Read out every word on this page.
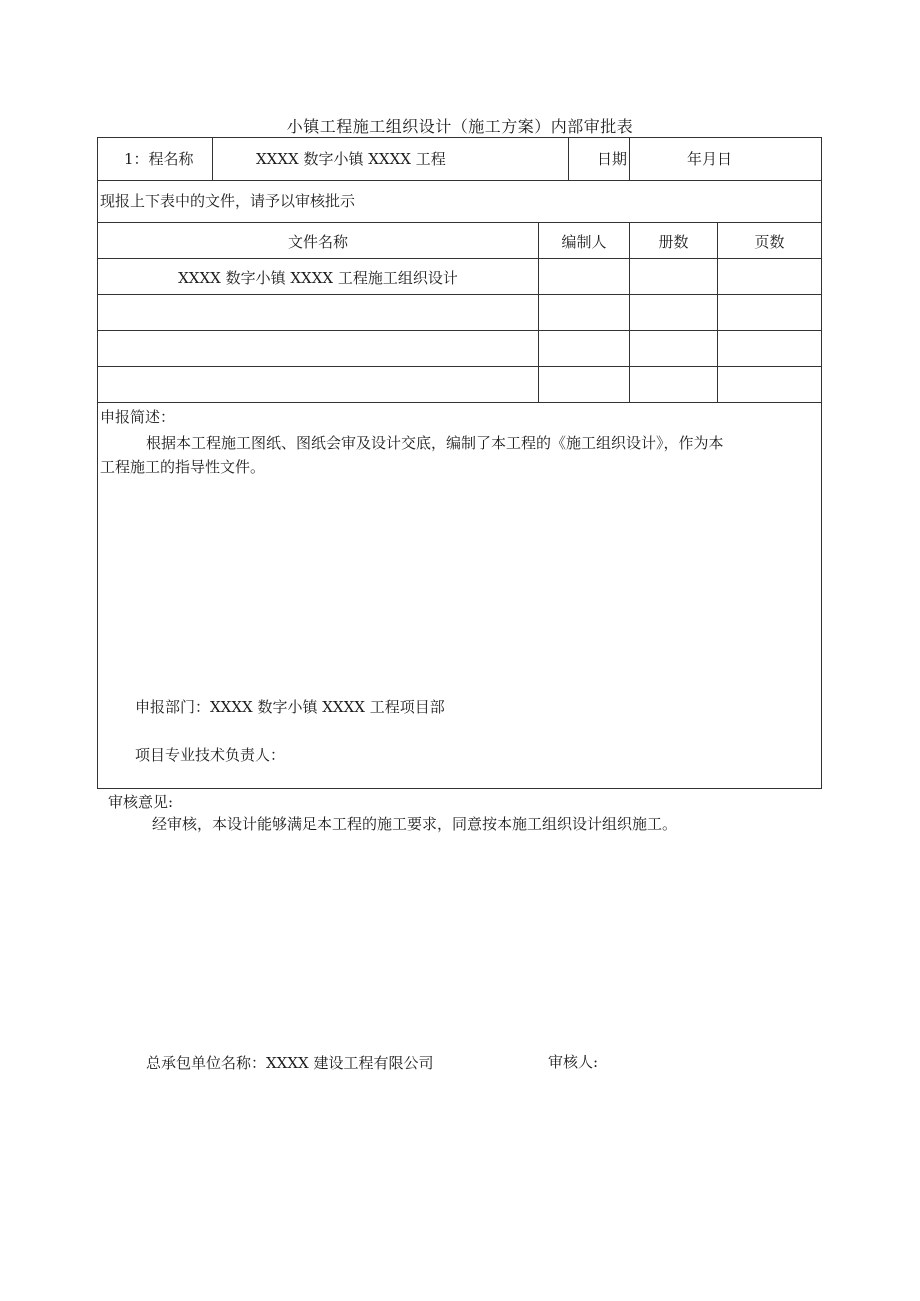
小镇工程施工组织设计（施工方案）内部审批表
1：程名称	XXXX 数字小镇 XXXX 工程	日期	年月日
现报上下表中的文件，请予以审核批示
文件名称	编制人	册数	页数
XXXX 数字小镇 XXXX 工程施工组织设计
申报简述：
根据本工程施工图纸、图纸会审及设计交底，编制了本工程的《施工组织设计》，作为本
工程施工的指导性文件。
申报部门：XXXX 数字小镇 XXXX 工程项目部
项目专业技术负责人：
审核意见:
经审核，本设计能够满足本工程的施工要求，同意按本施工组织设计组织施工。
总承包单位名称：XXXX 建设工程有限公司	审核人:
